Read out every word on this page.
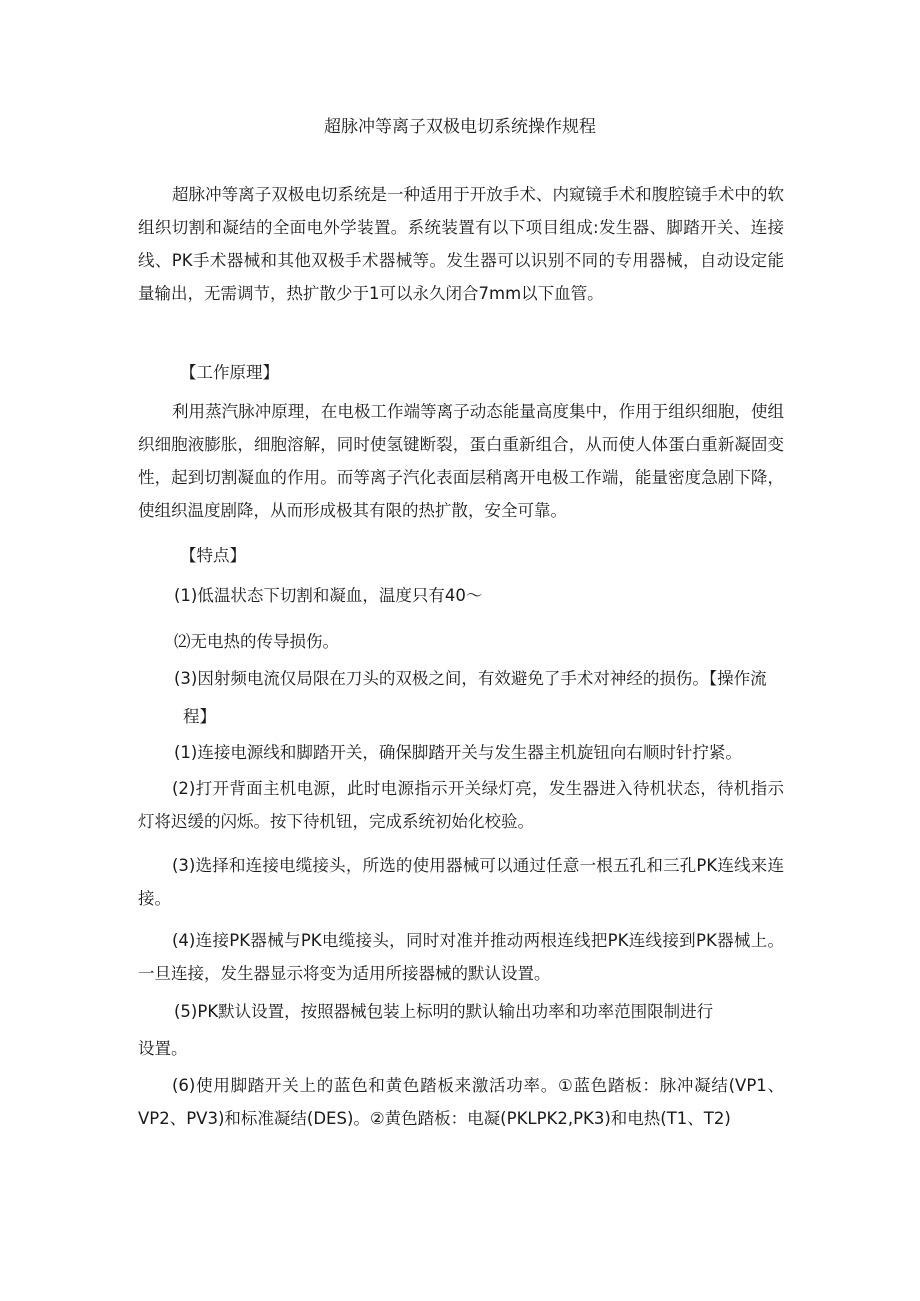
超脉冲等离子双极电切系统操作规程

超脉冲等离子双极电切系统是一种适用于开放手术、内窥镜手术和腹腔镜手术中的软组织切割和凝结的全面电外学装置。系统装置有以下项目组成:发生器、脚踏开关、连接线、PK手术器械和其他双极手术器械等。发生器可以识别不同的专用器械，自动设定能量输出，无需调节，热扩散少于1可以永久闭合7mm以下血管。

【工作原理】

利用蒸汽脉冲原理，在电极工作端等离子动态能量高度集中，作用于组织细胞，使组织细胞液膨胀，细胞溶解，同时使氢键断裂，蛋白重新组合，从而使人体蛋白重新凝固变性，起到切割凝血的作用。而等离子汽化表面层稍离开电极工作端，能量密度急剧下降，使组织温度剧降，从而形成极其有限的热扩散，安全可靠。

【特点】
(1)低温状态下切割和凝血，温度只有40～
⑵无电热的传导损伤。
(3)因射频电流仅局限在刀头的双极之间，有效避免了手术对神经的损伤。【操作流
程】
(1)连接电源线和脚踏开关，确保脚踏开关与发生器主机旋钮向右顺时针拧紧。

(2)打开背面主机电源，此时电源指示开关绿灯亮，发生器进入待机状态，待机指示灯将迟缓的闪烁。按下待机钮，完成系统初始化校验。

(3)选择和连接电缆接头，所选的使用器械可以通过任意一根五孔和三孔PK连线来连接。

(4)连接PK器械与PK电缆接头，同时对准并推动两根连线把PK连线接到PK器械上。一旦连接，发生器显示将变为适用所接器械的默认设置。

(5)PK默认设置，按照器械包装上标明的默认输出功率和功率范围限制进行
设置。

(6)使用脚踏开关上的蓝色和黄色踏板来激活功率。①蓝色踏板：脉冲凝结(VP1、VP2、PV3)和标准凝结(DES)。②黄色踏板：电凝(PKLPK2,PK3)和电热(T1、T2)
